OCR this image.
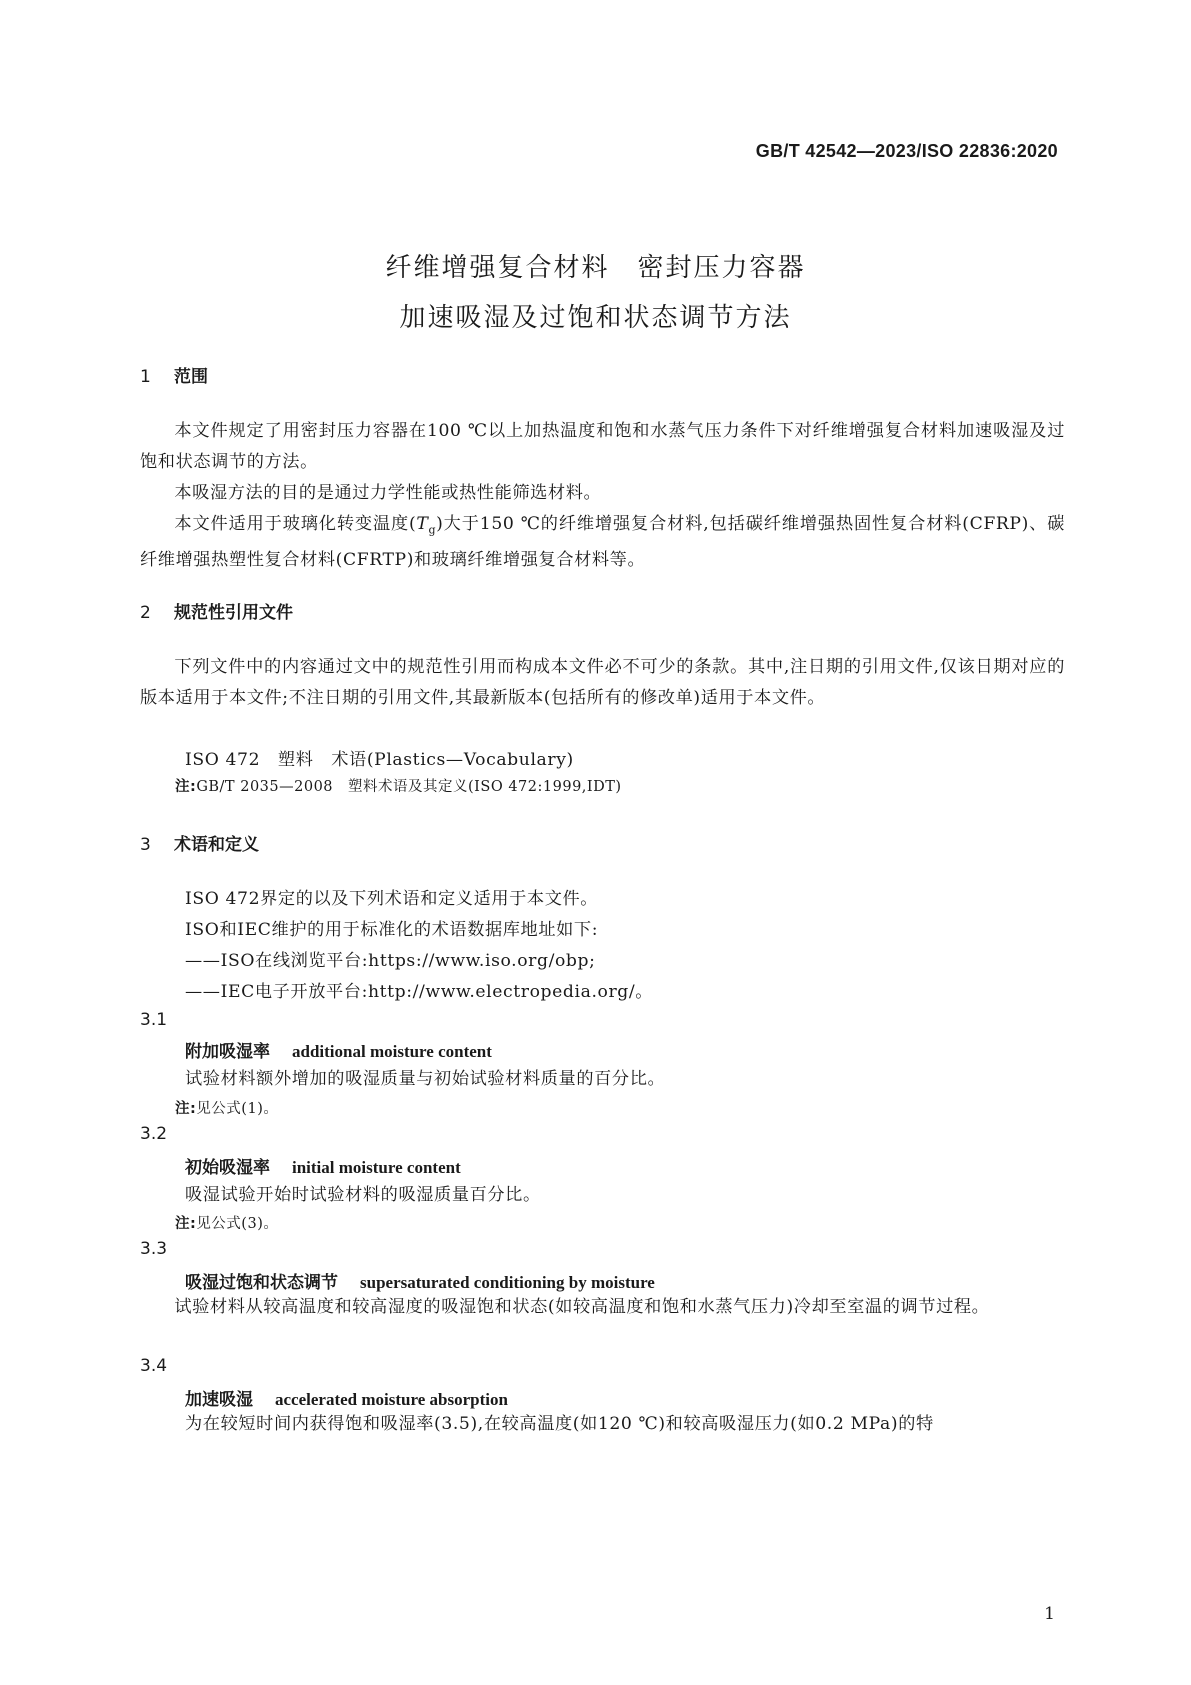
GB/T 42542—2023/ISO 22836:2020
纤维增强复合材料　密封压力容器
加速吸湿及过饱和状态调节方法
1 范围
本文件规定了用密封压力容器在100 ℃以上加热温度和饱和水蒸气压力条件下对纤维增强复合材料加速吸湿及过饱和状态调节的方法。
本吸湿方法的目的是通过力学性能或热性能筛选材料。
本文件适用于玻璃化转变温度$(T_g)$大于150 ℃的纤维增强复合材料,包括碳纤维增强热固性复合材料(CFRP)、碳纤维增强热塑性复合材料(CFRTP)和玻璃纤维增强复合材料等。
2 规范性引用文件
下列文件中的内容通过文中的规范性引用而构成本文件必不可少的条款。其中,注日期的引用文件,仅该日期对应的版本适用于本文件;不注日期的引用文件,其最新版本(包括所有的修改单)适用于本文件。
ISO 472　塑料　术语(Plastics—Vocabulary)
注:GB/T 2035—2008　塑料术语及其定义(ISO 472:1999,IDT)
3 术语和定义
ISO 472界定的以及下列术语和定义适用于本文件。
ISO和IEC维护的用于标准化的术语数据库地址如下:
——ISO在线浏览平台:https://www.iso.org/obp;
——IEC电子开放平台:http://www.electropedia.org/。
3.1
附加吸湿率 additional moisture content
试验材料额外增加的吸湿质量与初始试验材料质量的百分比。
注:见公式(1)。
3.2
初始吸湿率 initial moisture content
吸湿试验开始时试验材料的吸湿质量百分比。
注:见公式(3)。
3.3
吸湿过饱和状态调节 supersaturated conditioning by moisture
试验材料从较高温度和较高湿度的吸湿饱和状态(如较高温度和饱和水蒸气压力)冷却至室温的调节过程。
3.4
加速吸湿 accelerated moisture absorption
为在较短时间内获得饱和吸湿率(3.5),在较高温度(如120 ℃)和较高吸湿压力(如0.2 MPa)的特
1
